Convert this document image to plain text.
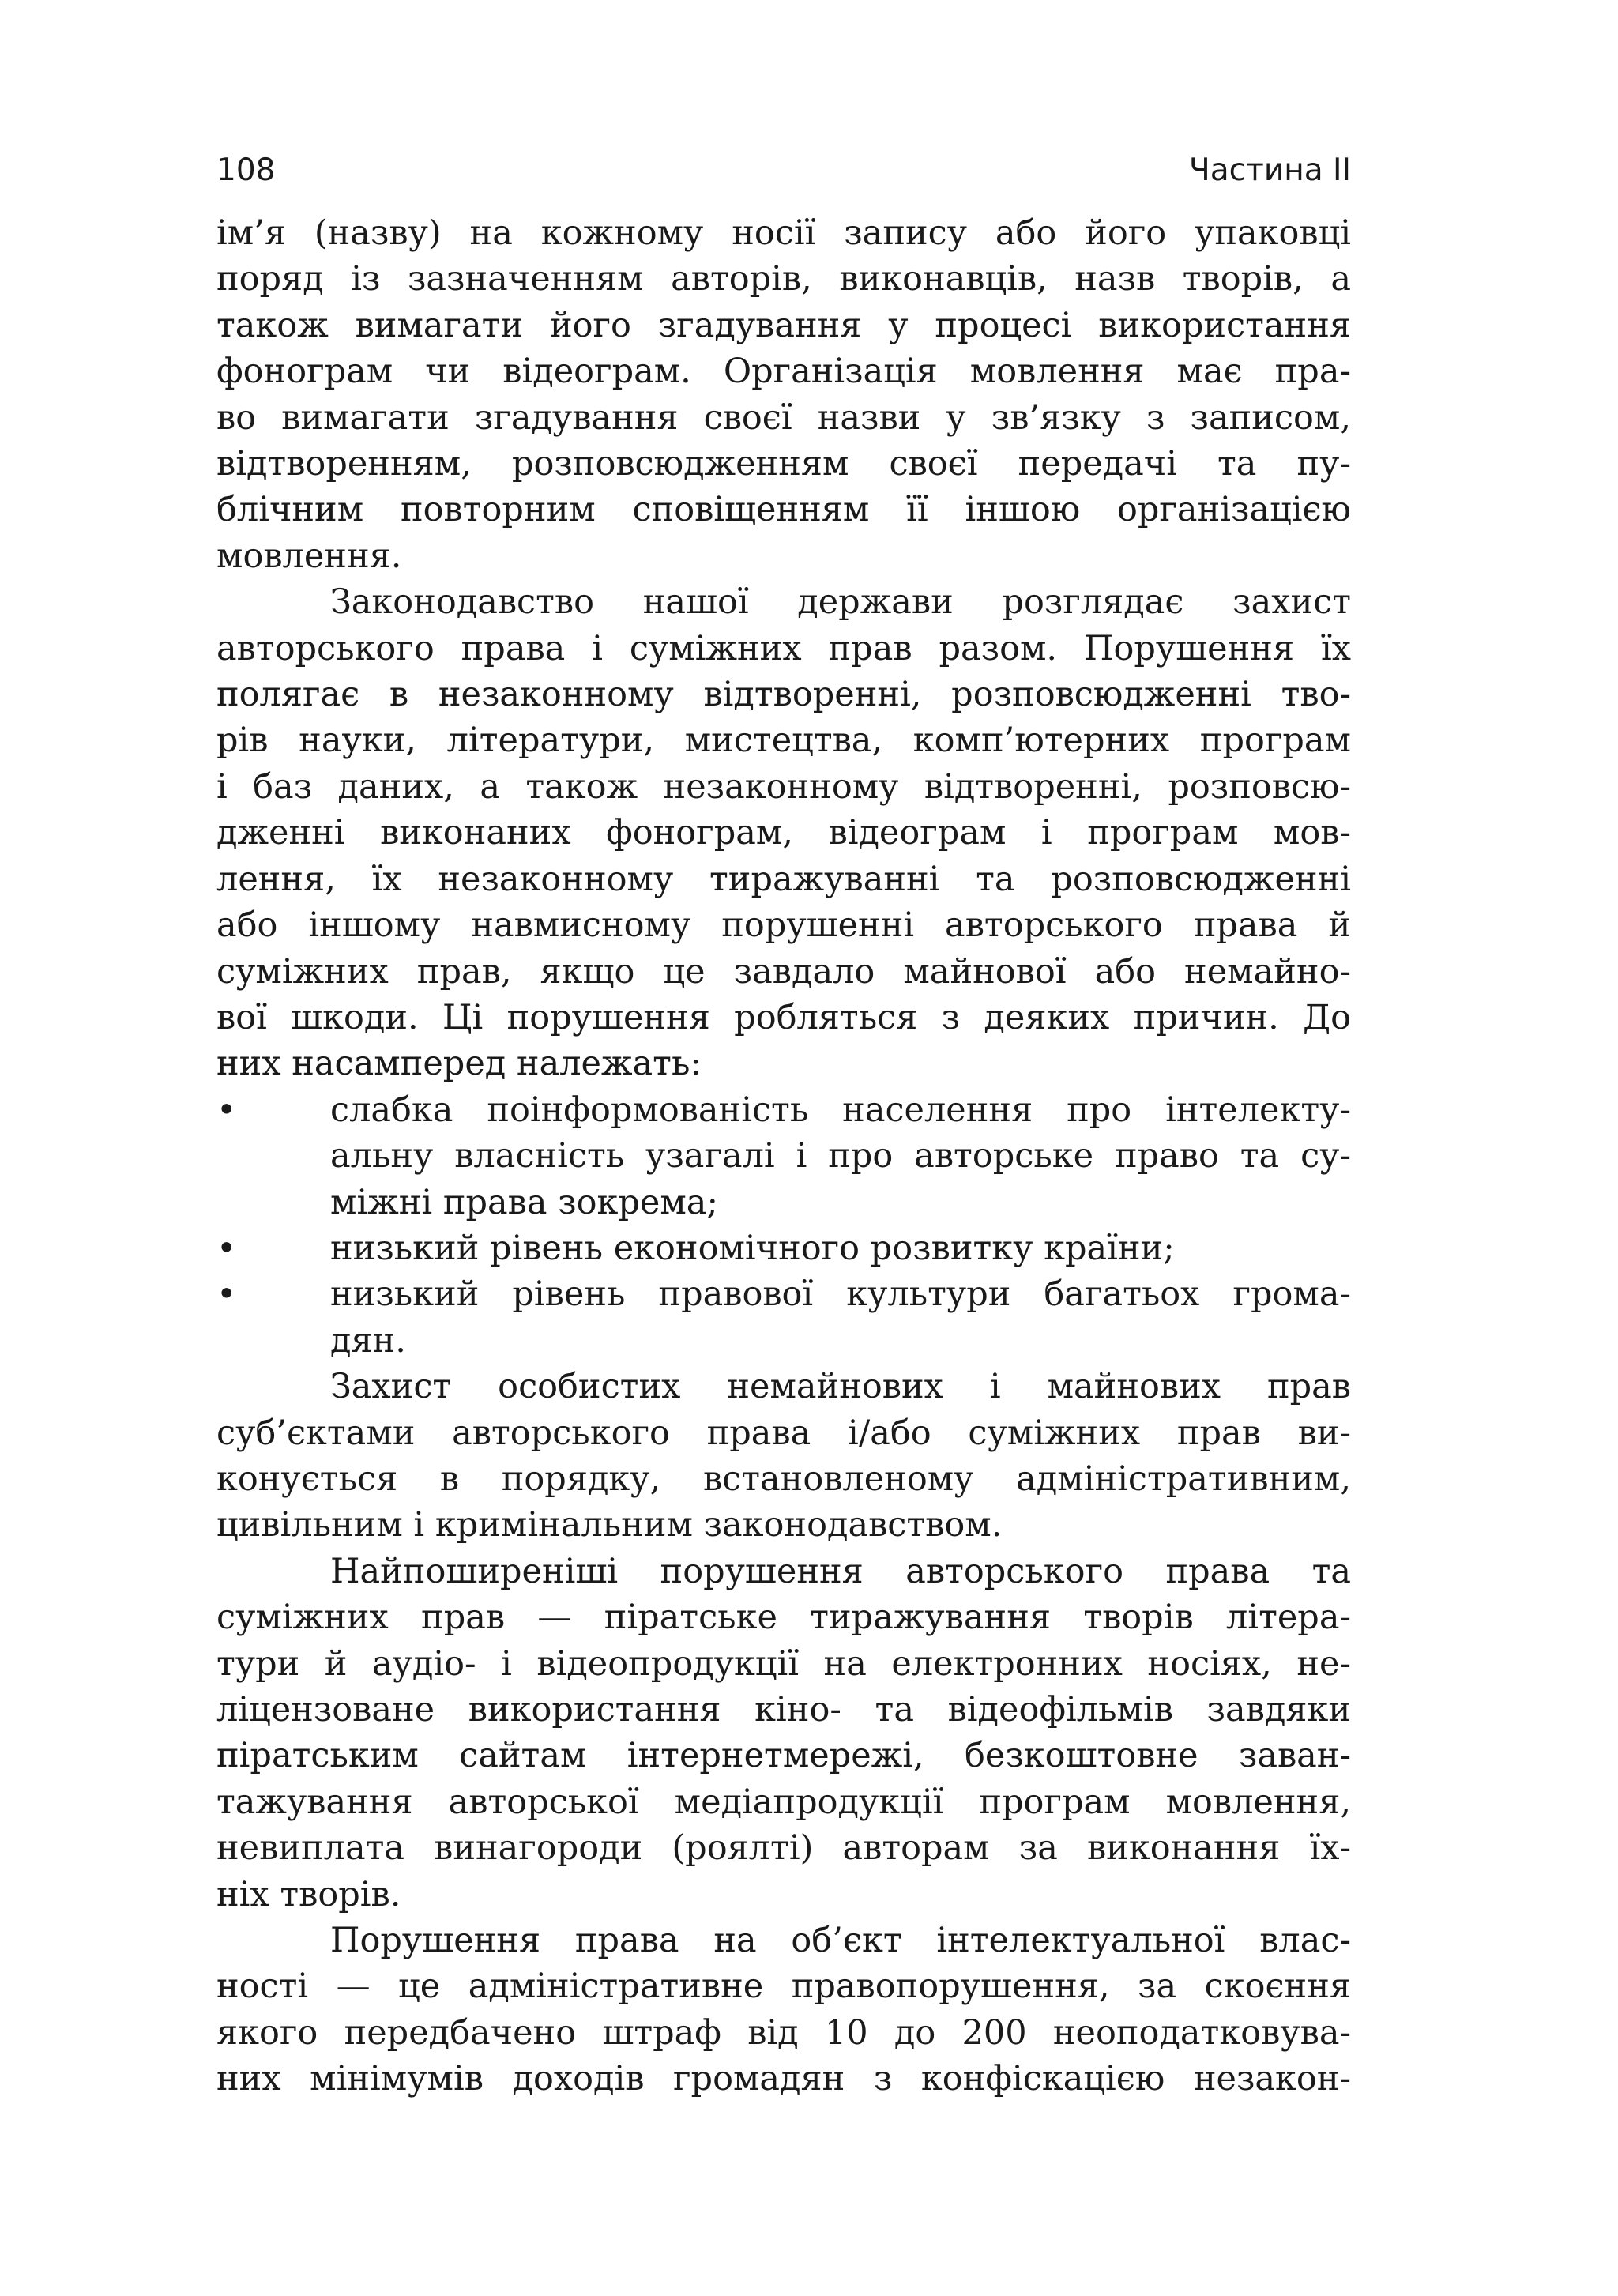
108	Частина ІІ
ім’я (назву) на кожному носії запису або його упаковці
поряд із зазначенням авторів, виконавців, назв творів, а
також вимагати його згадування у процесі використання
фонограм чи відеограм. Організація мовлення має пра-
во вимагати згадування своєї назви у зв’язку з записом,
відтворенням, розповсюдженням своєї передачі та пу-
блічним повторним сповіщенням її іншою організацією
мовлення.
Законодавство нашої держави розглядає захист
авторського права і суміжних прав разом. Порушення їх
полягає в незаконному відтворенні, розповсюдженні тво-
рів науки, літератури, мистецтва, комп’ютерних програм
і баз даних, а також незаконному відтворенні, розповсю-
дженні виконаних фонограм, відеограм і програм мов-
лення, їх незаконному тиражуванні та розповсюдженні
або іншому навмисному порушенні авторського права й
суміжних прав, якщо це завдало майнової або немайно-
вої шкоди. Ці порушення робляться з деяких причин. До
них насамперед належать:
•	слабка поінформованість населення про інтелекту-
альну власність узагалі і про авторське право та су-
міжні права зокрема;
•	низький рівень економічного розвитку країни;
•	низький рівень правової культури багатьох грома-
дян.
Захист особистих немайнових і майнових прав
суб’єктами авторського права і/або суміжних прав ви-
конується в порядку, встановленому адміністративним,
цивільним і кримінальним законодавством.
Найпоширеніші порушення авторського права та
суміжних прав — піратське тиражування творів літера-
тури й аудіо- і відеопродукції на електронних носіях, не-
ліцензоване використання кіно- та відеофільмів завдяки
піратським сайтам інтернетмережі, безкоштовне заван-
тажування авторської медіапродукції програм мовлення,
невиплата винагороди (роялті) авторам за виконання їх-
ніх творів.
Порушення права на об’єкт інтелектуальної влас-
ності — це адміністративне правопорушення, за скоєння
якого передбачено штраф від 10 до 200 неоподатковува-
них мінімумів доходів громадян з конфіскацією незакон-
